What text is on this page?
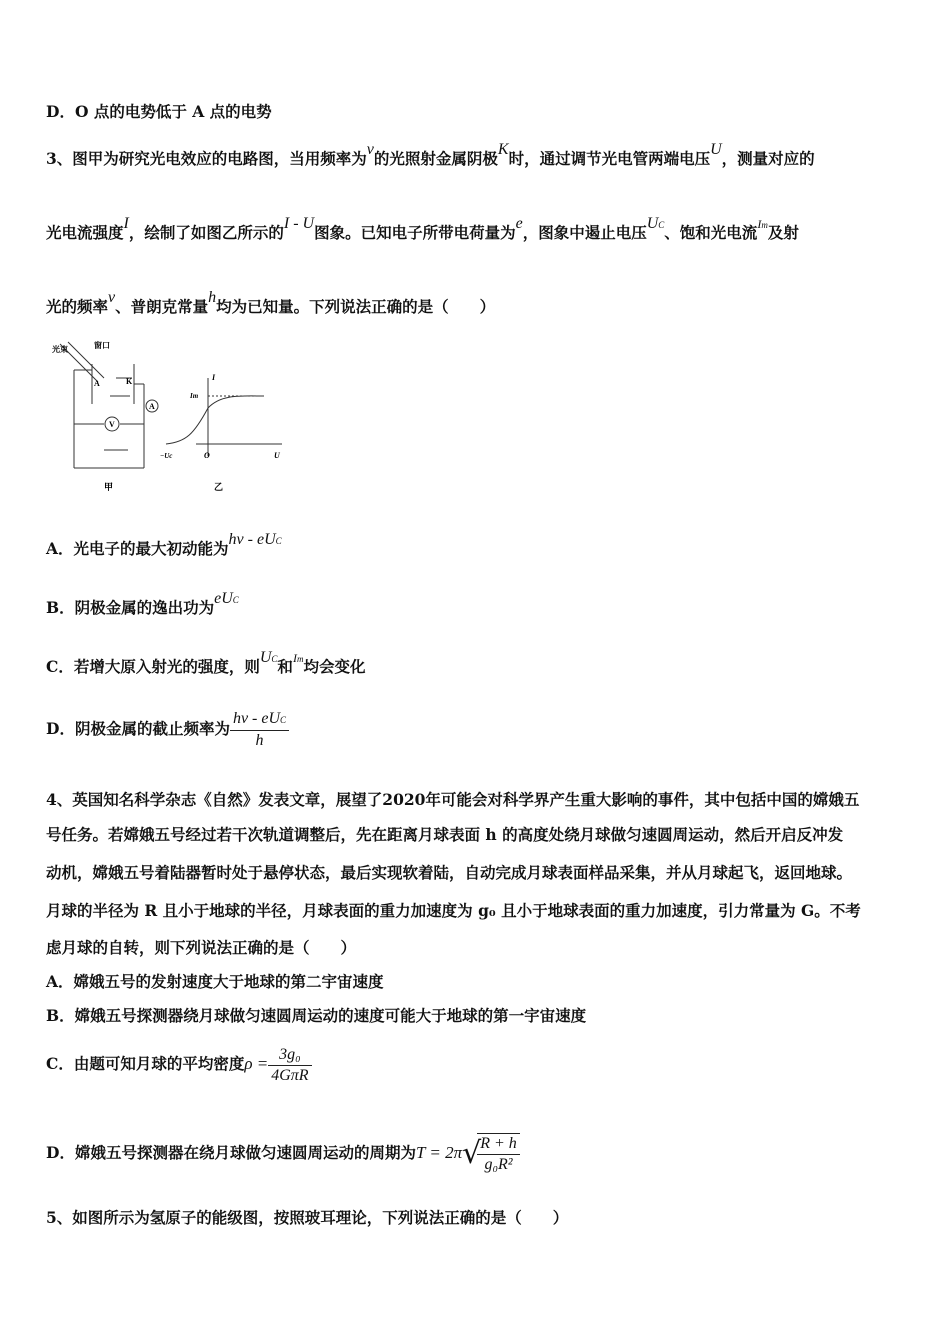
D．O 点的电势低于 A 点的电势
3、图甲为研究光电效应的电路图，当用频率为v的光照射金属阴极K时，通过调节光电管两端电压U，测量对应的
光电流强度I，绘制了如图乙所示的I - U图象。已知电子所带电荷量为e，图象中遏止电压UC、饱和光电流$^{Im}$及射
光的频率v、普朗克常量h均为已知量。下列说法正确的是（　　）
光束	窗口
A	K
A
V
甲	乙
I
U
Im
−Uc	O
A．光电子的最大初动能为hv - eUC
B．阴极金属的逸出功为eUC
C．若增大原入射光的强度，则UC和$^{Im}$均会变化
D．阴极金属的截止频率为 $\frac{\text{hv - eUC}}{h}$
4、英国知名科学杂志《自然》发表文章，展望了2020年可能会对科学界产生重大影响的事件，其中包括中国的嫦娥五
号任务。若嫦娥五号经过若干次轨道调整后，先在距离月球表面 h 的高度处绕月球做匀速圆周运动，然后开启反冲发
动机，嫦娥五号着陆器暂时处于悬停状态，最后实现软着陆，自动完成月球表面样品采集，并从月球起飞，返回地球。
月球的半径为 R 且小于地球的半径，月球表面的重力加速度为 g₀ 且小于地球表面的重力加速度，引力常量为 G。不考
虑月球的自转，则下列说法正确的是（　　）
A．嫦娥五号的发射速度大于地球的第二宇宙速度
B．嫦娥五号探测器绕月球做匀速圆周运动的速度可能大于地球的第一宇宙速度
C．由题可知月球的平均密度$\rho = \frac{\text{3g₀}}{\text{4GπR}}$
D．嫦娥五号探测器在绕月球做匀速圆周运动的周期为T = 2π√
$\frac{R + h}{\text{g₀R²}}$
5、如图所示为氢原子的能级图，按照玻耳理论，下列说法正确的是（　　）
